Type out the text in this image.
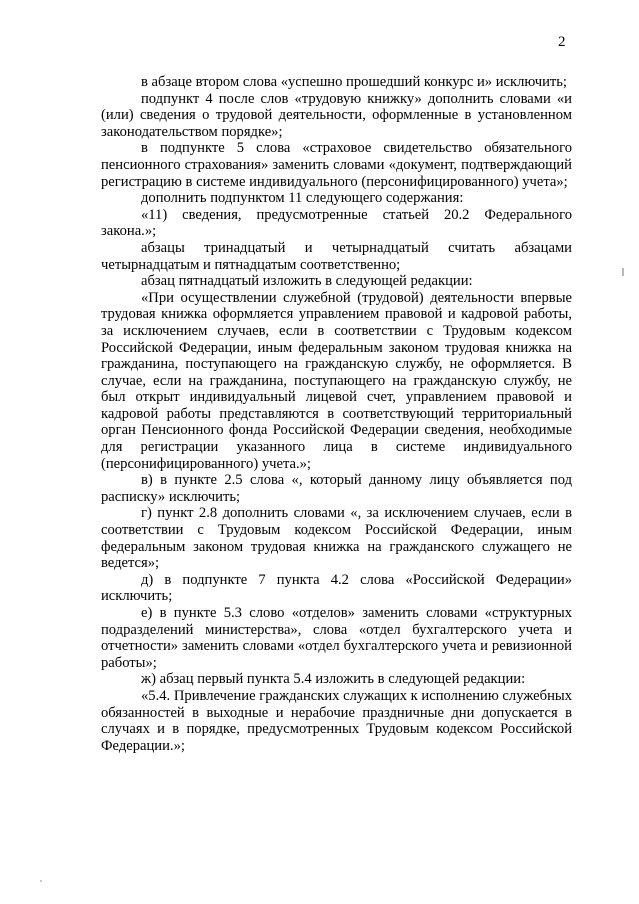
2

в абзаце втором слова «успешно прошедший конкурс и» исключить;

подпункт 4 после слов «трудовую книжку» дополнить словами «и (или) сведения о трудовой деятельности, оформленные в установленном законодательством порядке»;

в подпункте 5 слова «страховое свидетельство обязательного пенсионного страхования» заменить словами «документ, подтверждающий регистрацию в системе индивидуального (персонифицированного) учета»;

дополнить подпунктом 11 следующего содержания:

«11) сведения, предусмотренные статьей 20.2 Федерального закона.»;

абзацы тринадцатый и четырнадцатый считать абзацами четырнадцатым и пятнадцатым соответственно;

абзац пятнадцатый изложить в следующей редакции:

«При осуществлении служебной (трудовой) деятельности впервые трудовая книжка оформляется управлением правовой и кадровой работы, за исключением случаев, если в соответствии с Трудовым кодексом Российской Федерации, иным федеральным законом трудовая книжка на гражданина, поступающего на гражданскую службу, не оформляется. В случае, если на гражданина, поступающего на гражданскую службу, не был открыт индивидуальный лицевой счет, управлением правовой и кадровой работы представляются в соответствующий территориальный орган Пенсионного фонда Российской Федерации сведения, необходимые для регистрации указанного лица в системе индивидуального (персонифицированного) учета.»;

в) в пункте 2.5 слова «, который данному лицу объявляется под расписку» исключить;

г) пункт 2.8 дополнить словами «, за исключением случаев, если в соответствии с Трудовым кодексом Российской Федерации, иным федеральным законом трудовая книжка на гражданского служащего не ведется»;

д) в подпункте 7 пункта 4.2 слова «Российской Федерации» исключить;

е) в пункте 5.3 слово «отделов» заменить словами «структурных подразделений министерства», слова «отдел бухгалтерского учета и отчетности» заменить словами «отдел бухгалтерского учета и ревизионной работы»;

ж) абзац первый пункта 5.4 изложить в следующей редакции:

«5.4. Привлечение гражданских служащих к исполнению служебных обязанностей в выходные и нерабочие праздничные дни допускается в случаях и в порядке, предусмотренных Трудовым кодексом Российской Федерации.»;
